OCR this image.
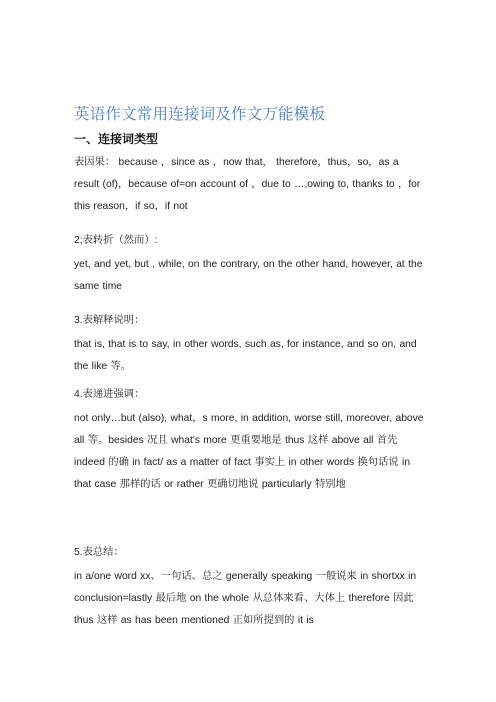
英语作文常用连接词及作文万能模板
一、连接词类型
表因果： because ，since as ，now that， therefore，thus，so，as a result (of)，because of=on account of ，due to …,owing to, thanks to ，for this reason，if so，if not
2;表转折（然而）:
yet, and yet, but , while, on the contrary, on the other hand, however, at the same time
3.表解释说明：
that is, that is to say, in other words, such as, for instance, and so on, and the like 等。
4.表递进强调：
not only…but (also), what，s more, in addition, worse still, moreover, above all 等。besides 况且 what's more 更重要地是 thus 这样 above all 首先 indeed 的确 in fact/ as a matter of fact 事实上 in other words 换句话说 in that case 那样的话 or rather 更确切地说 particularly 特别地
5.表总结：
in a/one word xx、一句话、总之 generally speaking 一般说来 in shortxx in conclusion=lastly 最后地 on the whole 从总体来看、大体上 therefore 因此 thus 这样 as has been mentioned 正如所提到的 it is
